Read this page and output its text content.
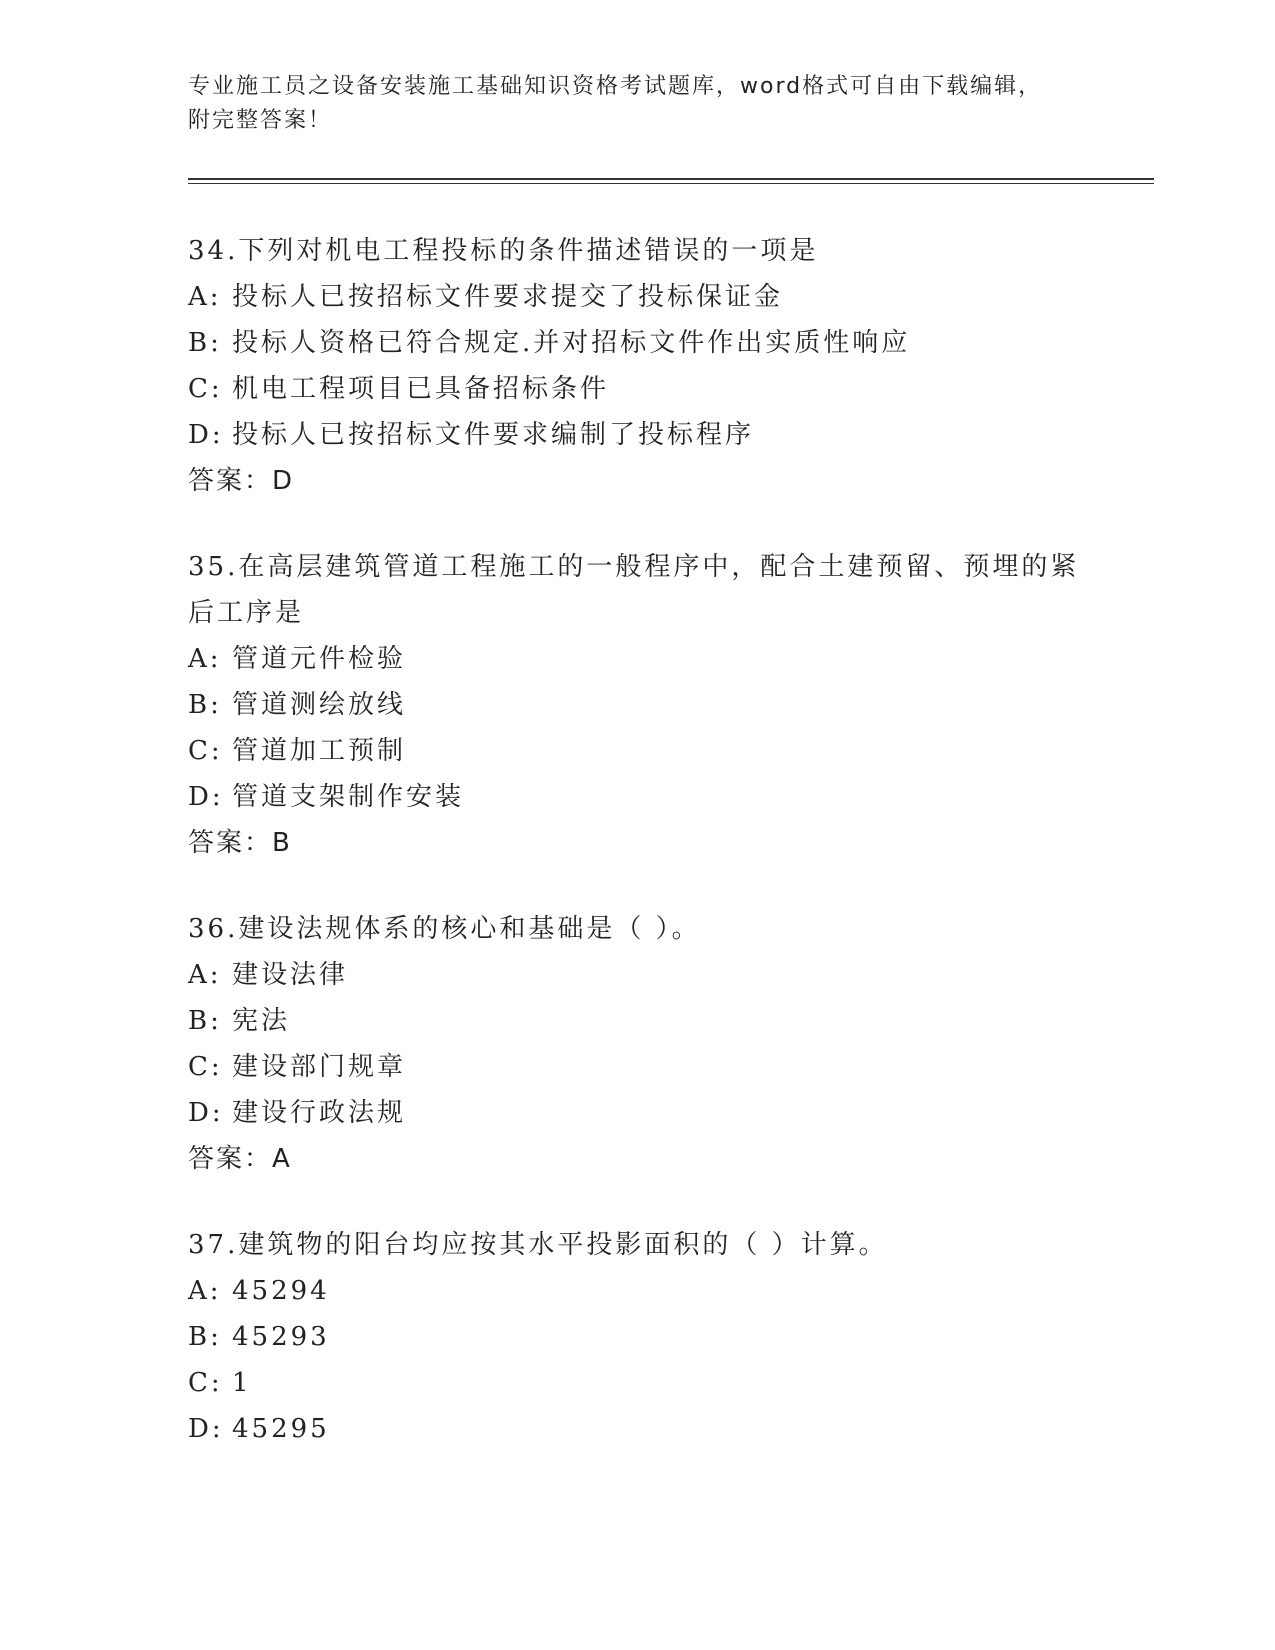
专业施工员之设备安装施工基础知识资格考试题库，word格式可自由下载编辑，
附完整答案！
34.下列对机电工程投标的条件描述错误的一项是
A: 投标人已按招标文件要求提交了投标保证金
B: 投标人资格已符合规定.并对招标文件作出实质性响应
C: 机电工程项目已具备招标条件
D: 投标人已按招标文件要求编制了投标程序
答案： D
35.在高层建筑管道工程施工的一般程序中，配合土建预留、预埋的紧
后工序是
A: 管道元件检验
B: 管道测绘放线
C: 管道加工预制
D: 管道支架制作安装
答案： B
36.建设法规体系的核心和基础是（ ）。
A: 建设法律
B: 宪法
C: 建设部门规章
D: 建设行政法规
答案： A
37.建筑物的阳台均应按其水平投影面积的（ ）计算。
A: 45294
B: 45293
C: 1
D: 45295
